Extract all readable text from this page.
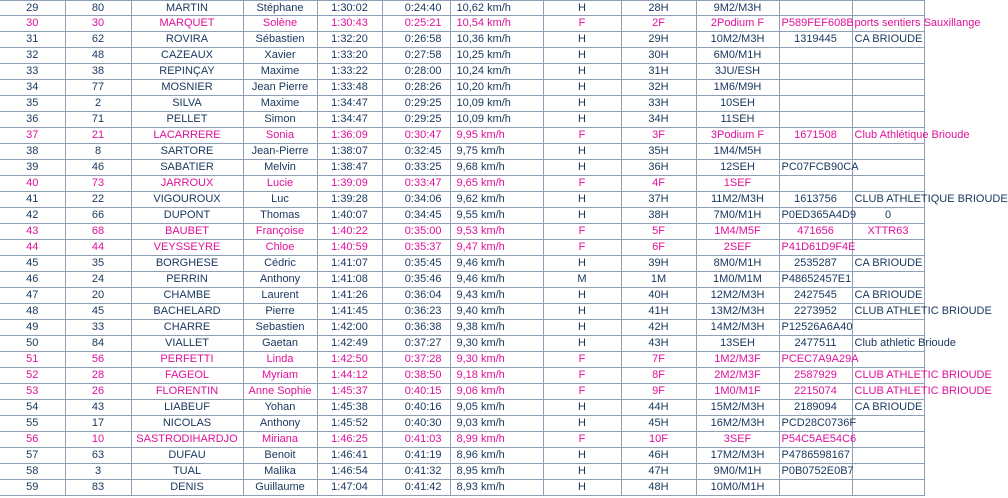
29	80	MARTIN	Stéphane	1:30:02	0:24:40	10,62 km/h	H	28H	9M2/M3H		
30	30	MARQUET	Solène	1:30:43	0:25:21	10,54 km/h	F	2F	2Podium F	P589FEF608B	ports sentiers Sauxillange
31	62	ROVIRA	Sébastien	1:32:20	0:26:58	10,36 km/h	H	29H	10M2/M3H	1319445	CA BRIOUDE
32	48	CAZEAUX	Xavier	1:33:20	0:27:58	10,25 km/h	H	30H	6M0/M1H		
33	38	REPINÇAY	Maxime	1:33:22	0:28:00	10,24 km/h	H	31H	3JU/ESH		
34	77	MOSNIER	Jean Pierre	1:33:48	0:28:26	10,20 km/h	H	32H	1M6/M9H		
35	2	SILVA	Maxime	1:34:47	0:29:25	10,09 km/h	H	33H	10SEH		
36	71	PELLET	Simon	1:34:47	0:29:25	10,09 km/h	H	34H	11SEH		
37	21	LACARRERE	Sonia	1:36:09	0:30:47	9,95 km/h	F	3F	3Podium F	1671508	Club Athlétique Brioude
38	8	SARTORE	Jean-Pierre	1:38:07	0:32:45	9,75 km/h	H	35H	1M4/M5H		
39	46	SABATIER	Melvin	1:38:47	0:33:25	9,68 km/h	H	36H	12SEH	PC07FCB90CA	
40	73	JARROUX	Lucie	1:39:09	0:33:47	9,65 km/h	F	4F	1SEF		
41	22	VIGOUROUX	Luc	1:39:28	0:34:06	9,62 km/h	H	37H	11M2/M3H	1613756	CLUB ATHLETIQUE BRIOUDE
42	66	DUPONT	Thomas	1:40:07	0:34:45	9,55 km/h	H	38H	7M0/M1H	P0ED365A4D9	0
43	68	BAUBET	Françoise	1:40:22	0:35:00	9,53 km/h	F	5F	1M4/M5F	471656	XTTR63
44	44	VEYSSEYRE	Chloe	1:40:59	0:35:37	9,47 km/h	F	6F	2SEF	P41D61D9F4E	
45	35	BORGHESE	Cédric	1:41:07	0:35:45	9,46 km/h	H	39H	8M0/M1H	2535287	CA BRIOUDE
46	24	PERRIN	Anthony	1:41:08	0:35:46	9,46 km/h	M	1M	1M0/M1M	P48652457E1	
47	20	CHAMBE	Laurent	1:41:26	0:36:04	9,43 km/h	H	40H	12M2/M3H	2427545	CA BRIOUDE
48	45	BACHELARD	Pierre	1:41:45	0:36:23	9,40 km/h	H	41H	13M2/M3H	2273952	CLUB ATHLETIC BRIOUDE
49	33	CHARRE	Sebastien	1:42:00	0:36:38	9,38 km/h	H	42H	14M2/M3H	P12526A6A40	
50	84	VIALLET	Gaetan	1:42:49	0:37:27	9,30 km/h	H	43H	13SEH	2477511	Club athletic Brioude
51	56	PERFETTI	Linda	1:42:50	0:37:28	9,30 km/h	F	7F	1M2/M3F	PCEC7A9A29A	
52	28	FAGEOL	Myriam	1:44:12	0:38:50	9,18 km/h	F	8F	2M2/M3F	2587929	CLUB ATHLETIC BRIOUDE
53	26	FLORENTIN	Anne Sophie	1:45:37	0:40:15	9,06 km/h	F	9F	1M0/M1F	2215074	CLUB ATHLETIC BRIOUDE
54	43	LIABEUF	Yohan	1:45:38	0:40:16	9,05 km/h	H	44H	15M2/M3H	2189094	CA BRIOUDE
55	17	NICOLAS	Anthony	1:45:52	0:40:30	9,03 km/h	H	45H	16M2/M3H	PCD28C0736F	
56	10	SASTRODIHARDJO	Miriana	1:46:25	0:41:03	8,99 km/h	F	10F	3SEF	P54C5AE54C6	
57	63	DUFAU	Benoit	1:46:41	0:41:19	8,96 km/h	H	46H	17M2/M3H	P4786598167	
58	3	TUAL	Malika	1:46:54	0:41:32	8,95 km/h	H	47H	9M0/M1H	P0B0752E0B7	
59	83	DENIS	Guillaume	1:47:04	0:41:42	8,93 km/h	H	48H	10M0/M1H		
